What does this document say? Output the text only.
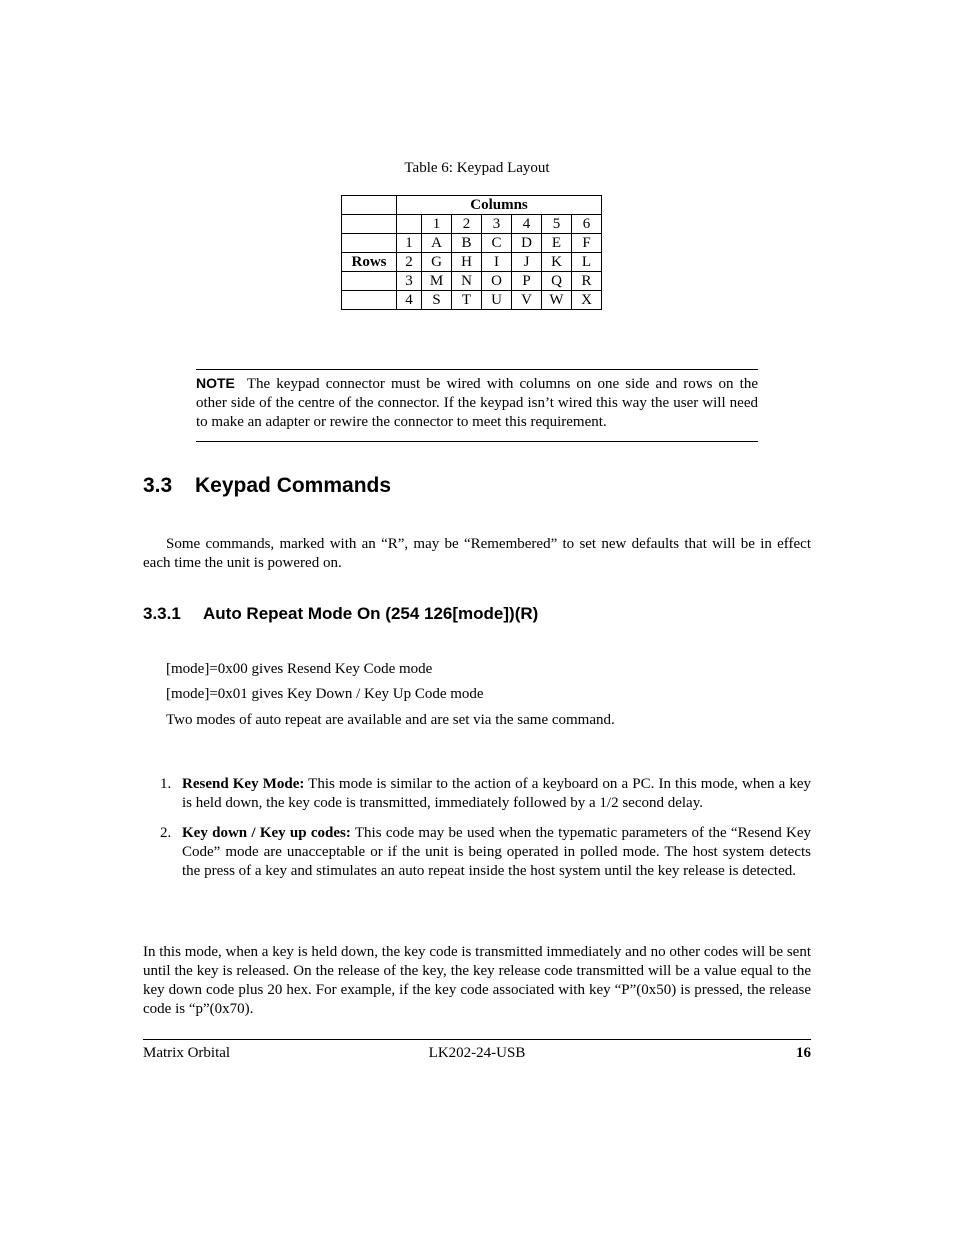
Table 6: Keypad Layout
	Columns						
		1	2	3	4	5	6
	1	A	B	C	D	E	F
Rows	2	G	H	I	J	K	L
	3	M	N	O	P	Q	R
	4	S	T	U	V	W	X
NOTE The keypad connector must be wired with columns on one side and rows on the other side of the centre of the connector. If the keypad isn’t wired this way the user will need to make an adapter or rewire the connector to meet this requirement.
3.3 Keypad Commands
Some commands, marked with an “R”, may be “Remembered” to set new defaults that will be in effect each time the unit is powered on.
3.3.1 Auto Repeat Mode On (254 126[mode])(R)
[mode]=0x00 gives Resend Key Code mode
[mode]=0x01 gives Key Down / Key Up Code mode
Two modes of auto repeat are available and are set via the same command.
1. Resend Key Mode: This mode is similar to the action of a keyboard on a PC. In this mode, when a key is held down, the key code is transmitted, immediately followed by a 1/2 second delay.
2. Key down / Key up codes: This code may be used when the typematic parameters of the “Resend Key Code” mode are unacceptable or if the unit is being operated in polled mode. The host system detects the press of a key and stimulates an auto repeat inside the host system until the key release is detected.
In this mode, when a key is held down, the key code is transmitted immediately and no other codes will be sent until the key is released. On the release of the key, the key release code transmitted will be a value equal to the key down code plus 20 hex. For example, if the key code associated with key “P”(0x50) is pressed, the release code is “p”(0x70).
Matrix Orbital	LK202-24-USB	16
